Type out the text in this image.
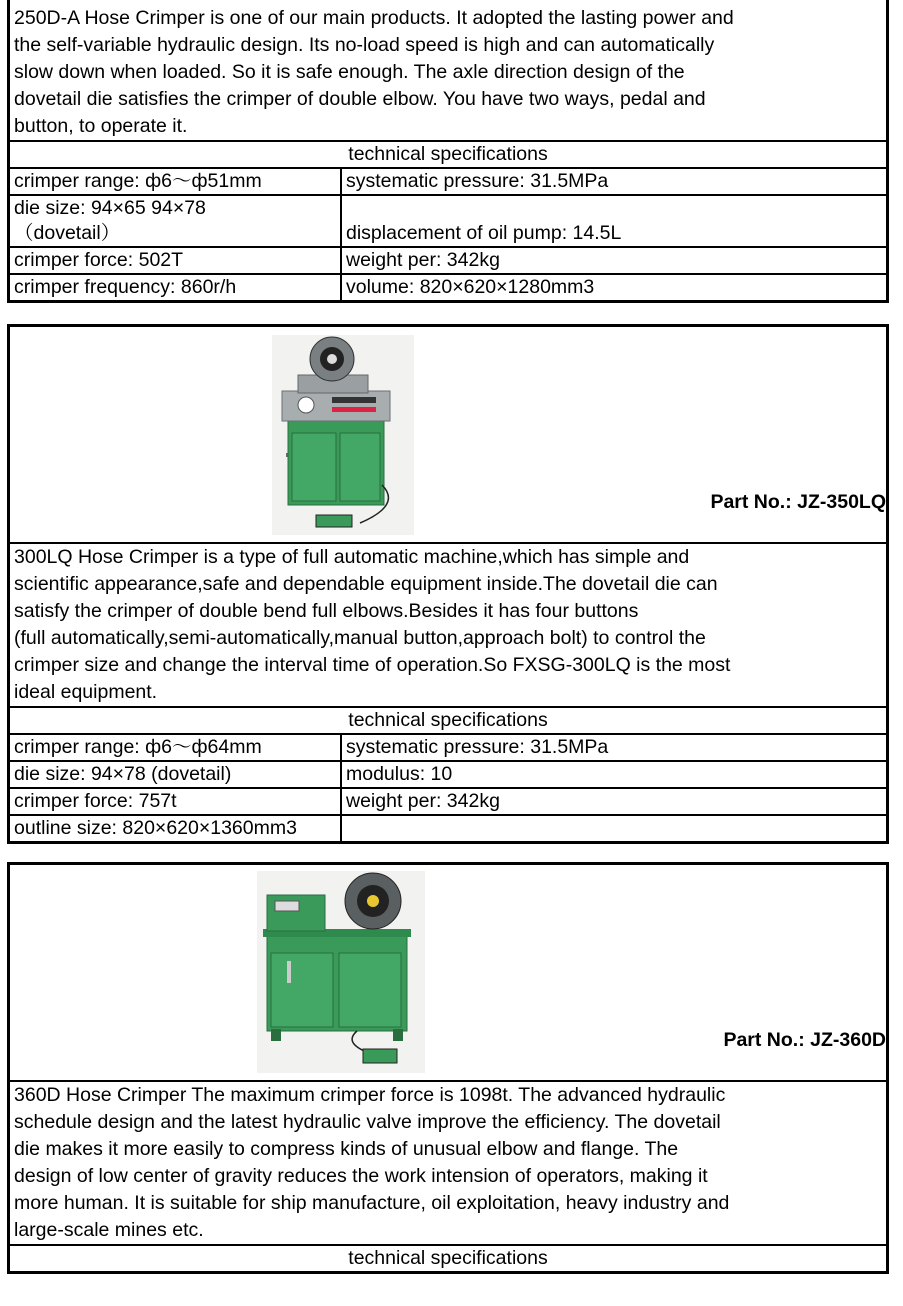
250D-A Hose Crimper is one of our main products. It adopted the lasting power and
the self-variable hydraulic design. Its no-load speed is high and can automatically
slow down when loaded. So it is safe enough. The axle direction design of the
dovetail die satisfies the crimper of double elbow. You have two ways, pedal and
button, to operate it.
technical specifications
crimper range: ф6～ф51mm	systematic pressure: 31.5MPa
die size: 94×65 94×78
（dovetail）	displacement of oil pump: 14.5L
crimper force: 502T	weight per: 342kg
crimper frequency: 860r/h	volume: 820×620×1280mm3
Part No.: JZ-350LQ
300LQ Hose Crimper is a type of full automatic machine,which has simple and
scientific appearance,safe and dependable equipment inside.The dovetail die can
satisfy the crimper of double bend full elbows.Besides it has four buttons
(full automatically,semi-automatically,manual button,approach bolt) to control the
crimper size and change the interval time of operation.So FXSG-300LQ is the most
ideal equipment.
technical specifications
crimper range: ф6～ф64mm	systematic pressure: 31.5MPa
die size: 94×78 (dovetail)	modulus: 10
crimper force: 757t	weight per: 342kg
outline size: 820×620×1360mm3
Part No.: JZ-360D
360D Hose Crimper The maximum crimper force is 1098t. The advanced hydraulic
schedule design and the latest hydraulic valve improve the efficiency. The dovetail
die makes it more easily to compress kinds of unusual elbow and flange. The
design of low center of gravity reduces the work intension of operators, making it
more human. It is suitable for ship manufacture, oil exploitation, heavy industry and
large-scale mines etc.
technical specifications
